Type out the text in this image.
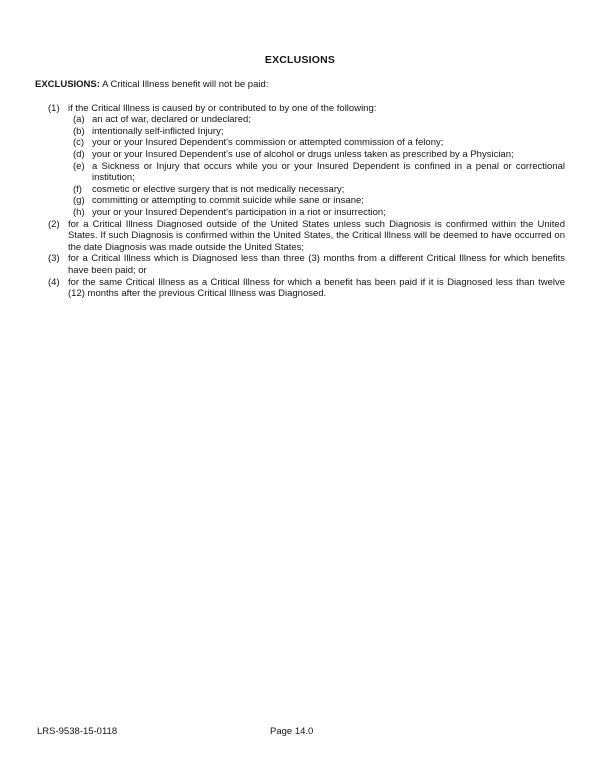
EXCLUSIONS

EXCLUSIONS: A Critical Illness benefit will not be paid:

(1) if the Critical Illness is caused by or contributed to by one of the following:
(a) an act of war, declared or undeclared;
(b) intentionally self-inflicted Injury;
(c) your or your Insured Dependent's commission or attempted commission of a felony;
(d) your or your Insured Dependent's use of alcohol or drugs unless taken as prescribed by a Physician;
(e) a Sickness or Injury that occurs while you or your Insured Dependent is confined in a penal or correctional institution;
(f)	cosmetic or elective surgery that is not medically necessary;
(g) committing or attempting to commit suicide while sane or insane;
(h) your or your Insured Dependent's participation in a riot or insurrection;
(2) for a Critical Illness Diagnosed outside of the United States unless such Diagnosis is confirmed within the United States. If such Diagnosis is confirmed within the United States, the Critical Illness will be deemed to have occurred on the date Diagnosis was made outside the United States;
(3) for a Critical Illness which is Diagnosed less than three (3) months from a different Critical Illness for which benefits have been paid; or
(4) for the same Critical Illness as a Critical Illness for which a benefit has been paid if it is Diagnosed less than twelve (12) months after the previous Critical Illness was Diagnosed.
LRS-9538-15-0118	Page 14.0
